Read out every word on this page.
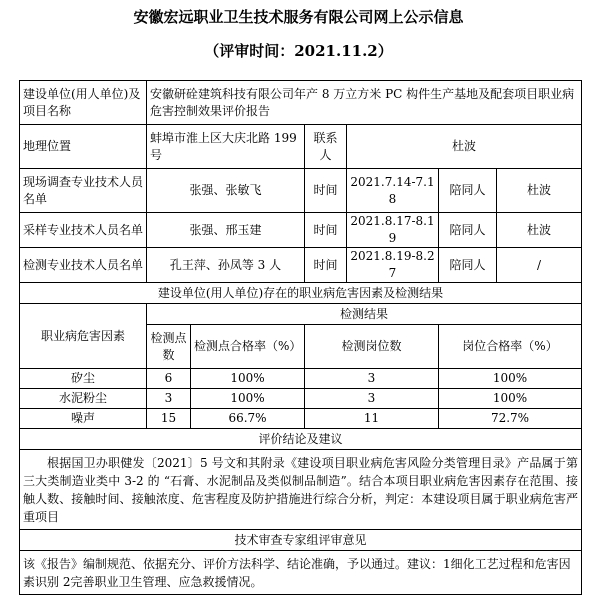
安徽宏远职业卫生技术服务有限公司网上公示信息
（评审时间：2021.11.2）
建设单位(用人单位)及项目名称	安徽研硂建筑科技有限公司年产 8 万立方米 PC 构件生产基地及配套项目职业病危害控制效果评价报告					
地理位置	蚌埠市淮上区大庆北路 199 号		联系人	杜波		
现场调查专业技术人员名单	张强、张敏飞		时间	2021.7.14-7.18	陪同人	杜波
采样专业技术人员名单	张强、邢玉建		时间	2021.8.17-8.19	陪同人	杜波
检测专业技术人员名单	孔王萍、孙凤等 3 人		时间	2021.8.19-8.27	陪同人	/
建设单位(用人单位)存在的职业病危害因素及检测结果						
职业病危害因素	检测结果					
	检测点数	检测点合格率（%）	检测岗位数		岗位合格率（%）	
矽尘	6	100%	3		100%	
水泥粉尘	3	100%	3		100%	
噪声	15	66.7%	11		72.7%	
评价结论及建议						
根据国卫办职健发〔2021〕5 号文和其附录《建设项目职业病危害风险分类管理目录》产品属于第三大类制造业类中 3-2 的 “石膏、水泥制品及类似制品制造”。结合本项目职业病危害因素存在范围、接触人数、接触时间、接触浓度、危害程度及防护措施进行综合分析，判定：本建设项目属于职业病危害严重项目						
技术审查专家组评审意见						
该《报告》编制规范、依据充分、评价方法科学、结论准确，予以通过。建议：1细化工艺过程和危害因素识别 2完善职业卫生管理、应急救援情况。						
